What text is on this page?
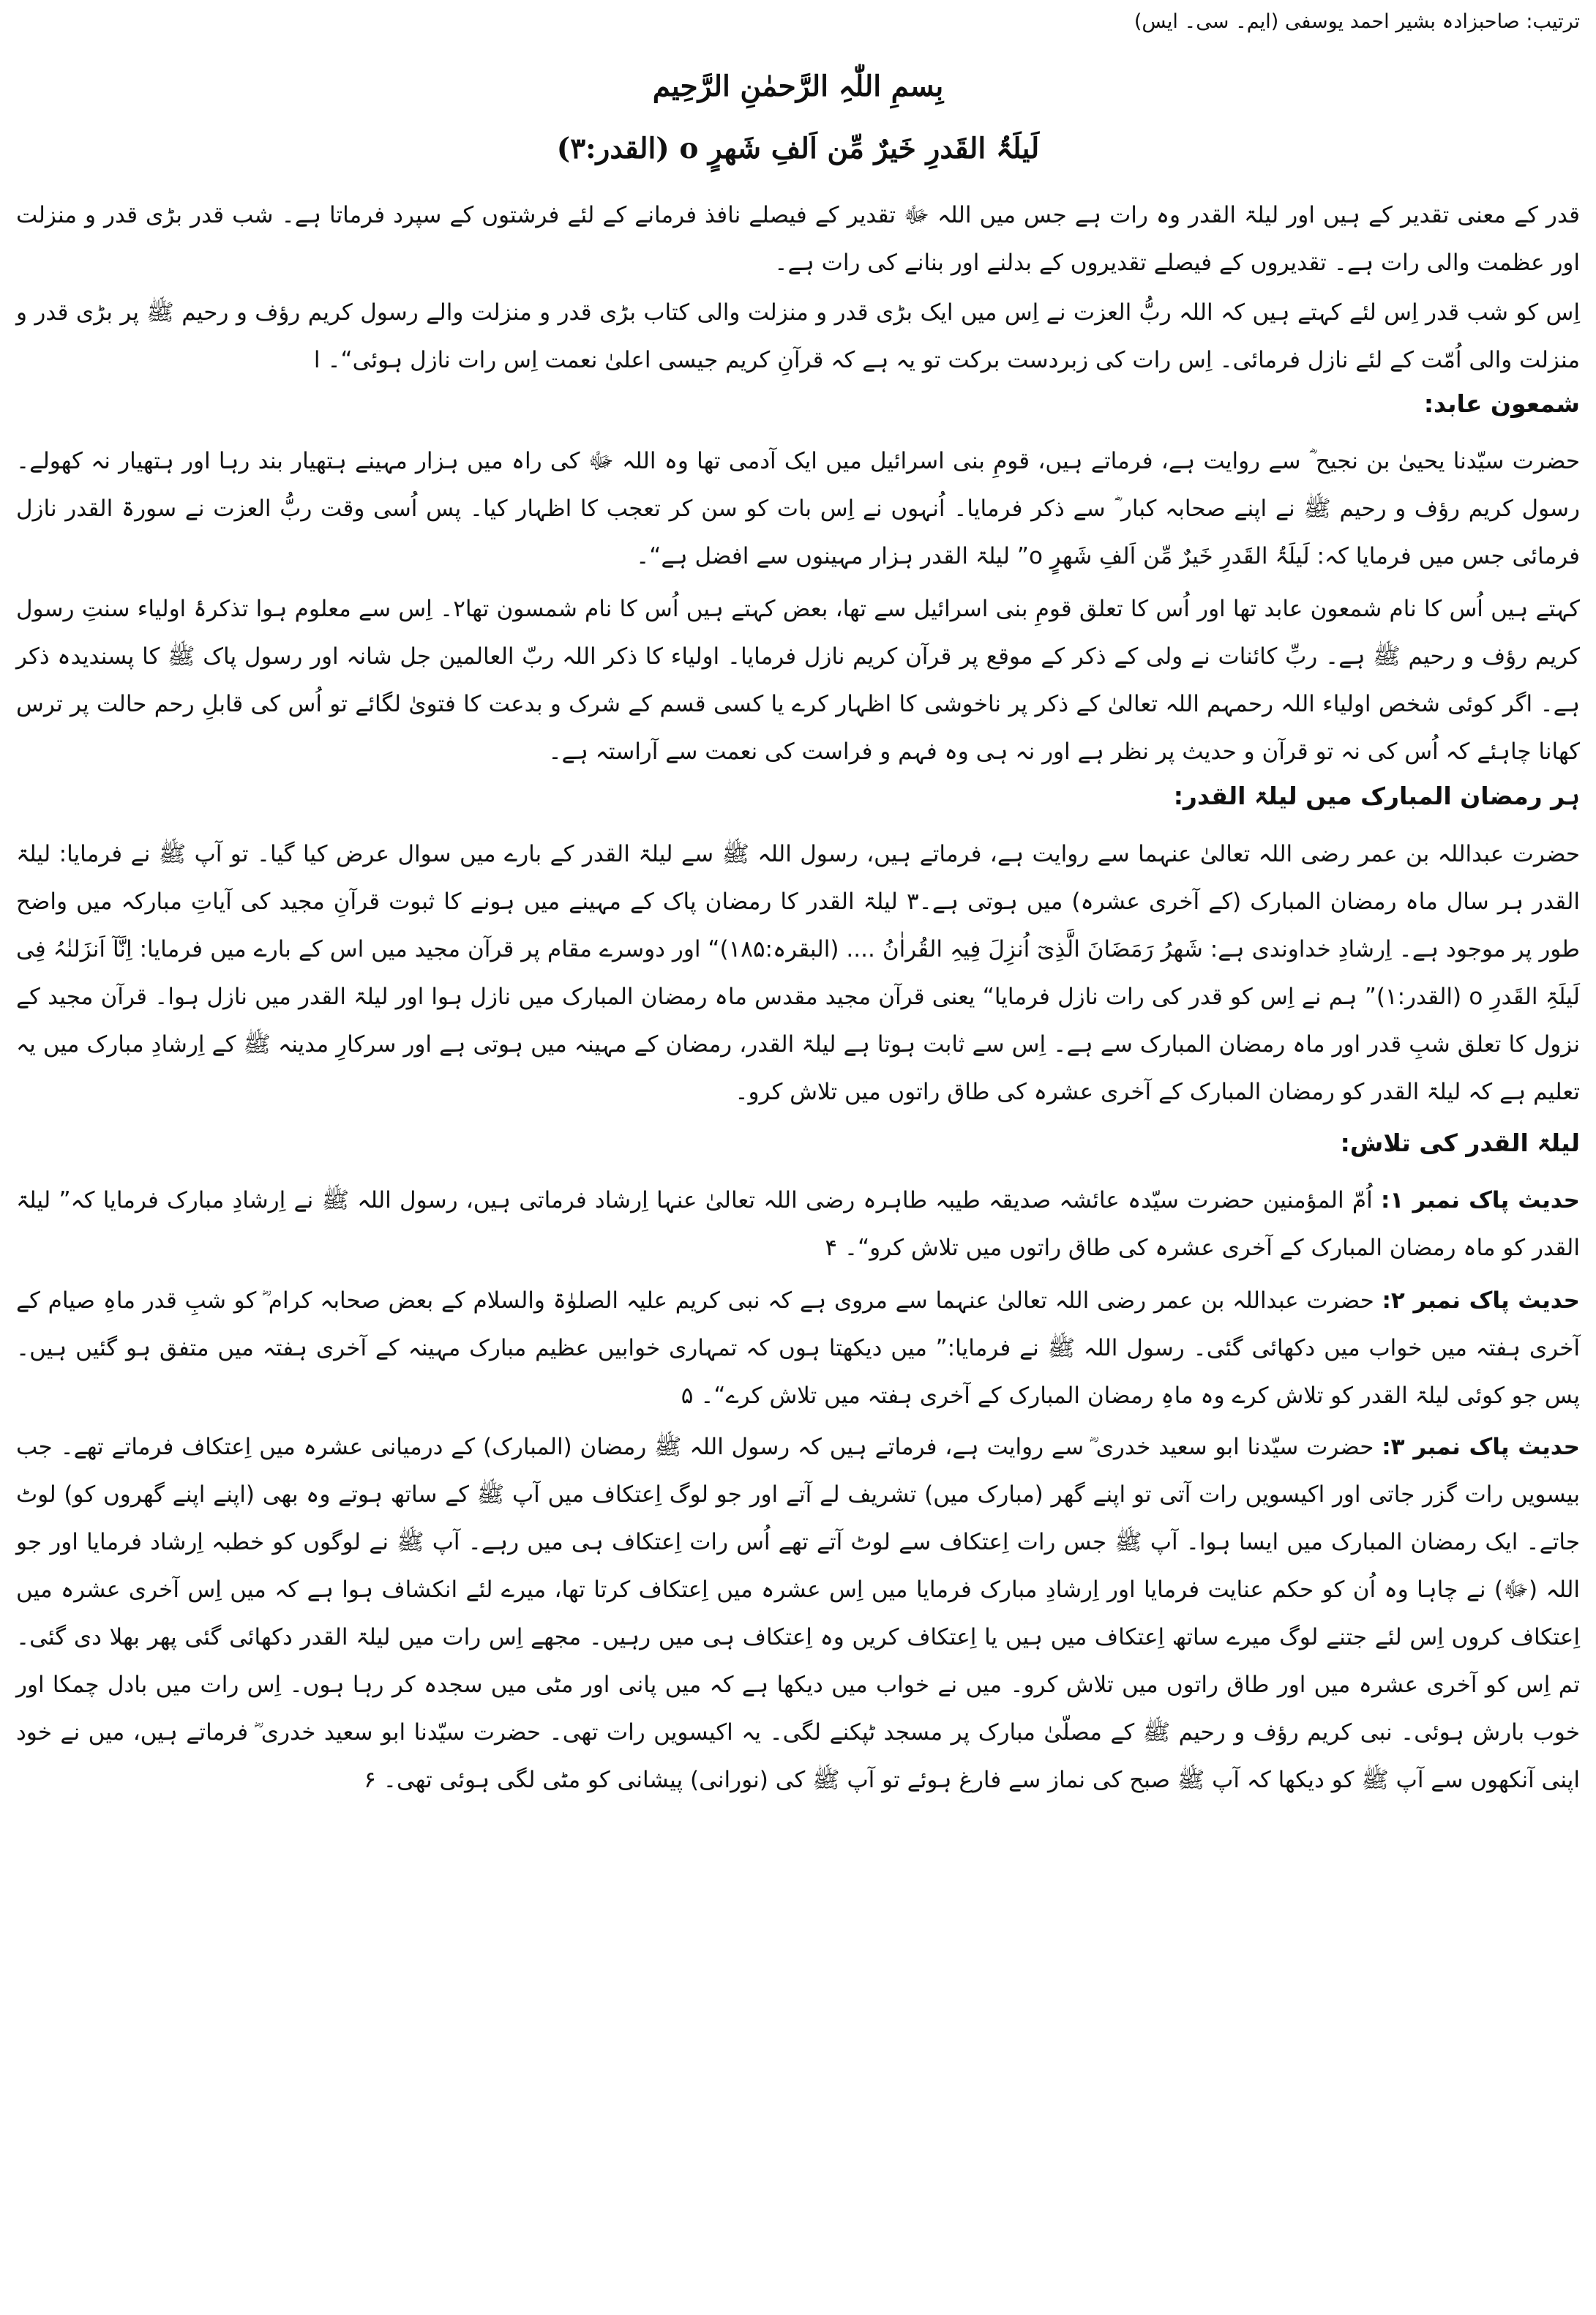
ترتیب: صاحبزادہ بشیر احمد یوسفی (ایم۔ سی۔ ایس)
بِسمِ اللّٰہِ الرَّحمٰنِ الرَّحِیم
لَیلَۃُ القَدرِ خَیرٌ مِّن اَلفِ شَھرٍ o (القدر:۳)
قدر کے معنی تقدیر کے ہیں اور لیلۃ القدر وہ رات ہے جس میں اللہ ﷻ تقدیر کے فیصلے نافذ فرمانے کے لئے فرشتوں کے سپرد فرماتا ہے۔ شب قدر بڑی قدر و منزلت اور عظمت والی رات ہے۔ تقدیروں کے فیصلے تقدیروں کے بدلنے اور بنانے کی رات ہے۔
اِس کو شب قدر اِس لئے کہتے ہیں کہ اللہ ربُّ العزت نے اِس میں ایک بڑی قدر و منزلت والی کتاب بڑی قدر و منزلت والے رسول کریم رؤف و رحیم ﷺ پر بڑی قدر و منزلت والی اُمّت کے لئے نازل فرمائی۔ اِس رات کی زبردست برکت تو یہ ہے کہ قرآنِ کریم جیسی اعلیٰ نعمت اِس رات نازل ہوئی“۔ ا
شمعون عابد:
حضرت سیّدنا یحییٰ بن نجیح ؓ سے روایت ہے، فرماتے ہیں، قومِ بنی اسرائیل میں ایک آدمی تھا وہ اللہ ﷻ کی راہ میں ہزار مہینے ہتھیار بند رہا اور ہتھیار نہ کھولے۔ رسول کریم رؤف و رحیم ﷺ نے اپنے صحابہ کبار ؓ سے ذکر فرمایا۔ اُنہوں نے اِس بات کو سن کر تعجب کا اظہار کیا۔ پس اُسی وقت ربُّ العزت نے سورۃ القدر نازل فرمائی جس میں فرمایا کہ: لَیلَۃُ القَدرِ خَیرٌ مِّن اَلفِ شَھرٍ o” لیلۃ القدر ہزار مہینوں سے افضل ہے“۔
کہتے ہیں اُس کا نام شمعون عابد تھا اور اُس کا تعلق قومِ بنی اسرائیل سے تھا، بعض کہتے ہیں اُس کا نام شمسون تھا۲۔ اِس سے معلوم ہوا تذکرۂ اولیاء سنتِ رسول کریم رؤف و رحیم ﷺ ہے۔ ربِّ کائنات نے ولی کے ذکر کے موقع پر قرآن کریم نازل فرمایا۔ اولیاء کا ذکر اللہ ربّ العالمین جل شانہ اور رسول پاک ﷺ کا پسندیدہ ذکر ہے۔ اگر کوئی شخص اولیاء اللہ رحمہم اللہ تعالیٰ کے ذکر پر ناخوشی کا اظہار کرے یا کسی قسم کے شرک و بدعت کا فتویٰ لگائے تو اُس کی قابلِ رحم حالت پر ترس کھانا چاہئے کہ اُس کی نہ تو قرآن و حدیث پر نظر ہے اور نہ ہی وہ فہم و فراست کی نعمت سے آراستہ ہے۔
ہر رمضان المبارک میں لیلۃ القدر:
حضرت عبداللہ بن عمر رضی اللہ تعالیٰ عنہما سے روایت ہے، فرماتے ہیں، رسول اللہ ﷺ سے لیلۃ القدر کے بارے میں سوال عرض کیا گیا۔ تو آپ ﷺ نے فرمایا: لیلۃ القدر ہر سال ماہ رمضان المبارک (کے آخری عشرہ) میں ہوتی ہے۔۳ لیلۃ القدر کا رمضان پاک کے مہینے میں ہونے کا ثبوت قرآنِ مجید کی آیاتِ مبارکہ میں واضح طور پر موجود ہے۔ اِرشادِ خداوندی ہے: شَھرُ رَمَضَانَ الَّذِیٓ اُنزِلَ فِیہِ القُراٰنُ .... (البقرہ:۱۸۵)“ اور دوسرے مقام پر قرآن مجید میں اس کے بارے میں فرمایا: اِنَّآ اَنزَلنٰہُ فِی لَیلَۃِ القَدرِ o (القدر:۱)” ہم نے اِس کو قدر کی رات نازل فرمایا“ یعنی قرآن مجید مقدس ماہ رمضان المبارک میں نازل ہوا اور لیلۃ القدر میں نازل ہوا۔ قرآن مجید کے نزول کا تعلق شبِ قدر اور ماہ رمضان المبارک سے ہے۔ اِس سے ثابت ہوتا ہے لیلۃ القدر، رمضان کے مہینہ میں ہوتی ہے اور سرکارِ مدینہ ﷺ کے اِرشادِ مبارک میں یہ تعلیم ہے کہ لیلۃ القدر کو رمضان المبارک کے آخری عشرہ کی طاق راتوں میں تلاش کرو۔
لیلۃ القدر کی تلاش:
حدیث پاک نمبر ۱: اُمّ المؤمنین حضرت سیّدہ عائشہ صدیقہ طیبہ طاہرہ رضی اللہ تعالیٰ عنہا اِرشاد فرماتی ہیں، رسول اللہ ﷺ نے اِرشادِ مبارک فرمایا کہ” لیلۃ القدر کو ماہ رمضان المبارک کے آخری عشرہ کی طاق راتوں میں تلاش کرو“۔ ۴
حدیث پاک نمبر ۲: حضرت عبداللہ بن عمر رضی اللہ تعالیٰ عنہما سے مروی ہے کہ نبی کریم علیہ الصلوٰۃ والسلام کے بعض صحابہ کرام ؓ کو شبِ قدر ماہِ صیام کے آخری ہفتہ میں خواب میں دکھائی گئی۔ رسول اللہ ﷺ نے فرمایا:” میں دیکھتا ہوں کہ تمہاری خوابیں عظیم مبارک مہینہ کے آخری ہفتہ میں متفق ہو گئیں ہیں۔ پس جو کوئی لیلۃ القدر کو تلاش کرے وہ ماہِ رمضان المبارک کے آخری ہفتہ میں تلاش کرے“۔ ۵
حدیث پاک نمبر ۳: حضرت سیّدنا ابو سعید خدری ؓ سے روایت ہے، فرماتے ہیں کہ رسول اللہ ﷺ رمضان (المبارک) کے درمیانی عشرہ میں اِعتکاف فرماتے تھے۔ جب بیسویں رات گزر جاتی اور اکیسویں رات آتی تو اپنے گھر (مبارک میں) تشریف لے آتے اور جو لوگ اِعتکاف میں آپ ﷺ کے ساتھ ہوتے وہ بھی (اپنے اپنے گھروں کو) لوٹ جاتے۔ ایک رمضان المبارک میں ایسا ہوا۔ آپ ﷺ جس رات اِعتکاف سے لوٹ آتے تھے اُس رات اِعتکاف ہی میں رہے۔ آپ ﷺ نے لوگوں کو خطبہ اِرشاد فرمایا اور جو اللہ (ﷻ) نے چاہا وہ اُن کو حکم عنایت فرمایا اور اِرشادِ مبارک فرمایا میں اِس عشرہ میں اِعتکاف کرتا تھا، میرے لئے انکشاف ہوا ہے کہ میں اِس آخری عشرہ میں اِعتکاف کروں اِس لئے جتنے لوگ میرے ساتھ اِعتکاف میں ہیں یا اِعتکاف کریں وہ اِعتکاف ہی میں رہیں۔ مجھے اِس رات میں لیلۃ القدر دکھائی گئی پھر بھلا دی گئی۔ تم اِس کو آخری عشرہ میں اور طاق راتوں میں تلاش کرو۔ میں نے خواب میں دیکھا ہے کہ میں پانی اور مٹی میں سجدہ کر رہا ہوں۔ اِس رات میں بادل چمکا اور خوب بارش ہوئی۔ نبی کریم رؤف و رحیم ﷺ کے مصلّیٰ مبارک پر مسجد ٹپکنے لگی۔ یہ اکیسویں رات تھی۔ حضرت سیّدنا ابو سعید خدری ؓ فرماتے ہیں، میں نے خود اپنی آنکھوں سے آپ ﷺ کو دیکھا کہ آپ ﷺ صبح کی نماز سے فارغ ہوئے تو آپ ﷺ کی (نورانی) پیشانی کو مٹی لگی ہوئی تھی۔ ۶
